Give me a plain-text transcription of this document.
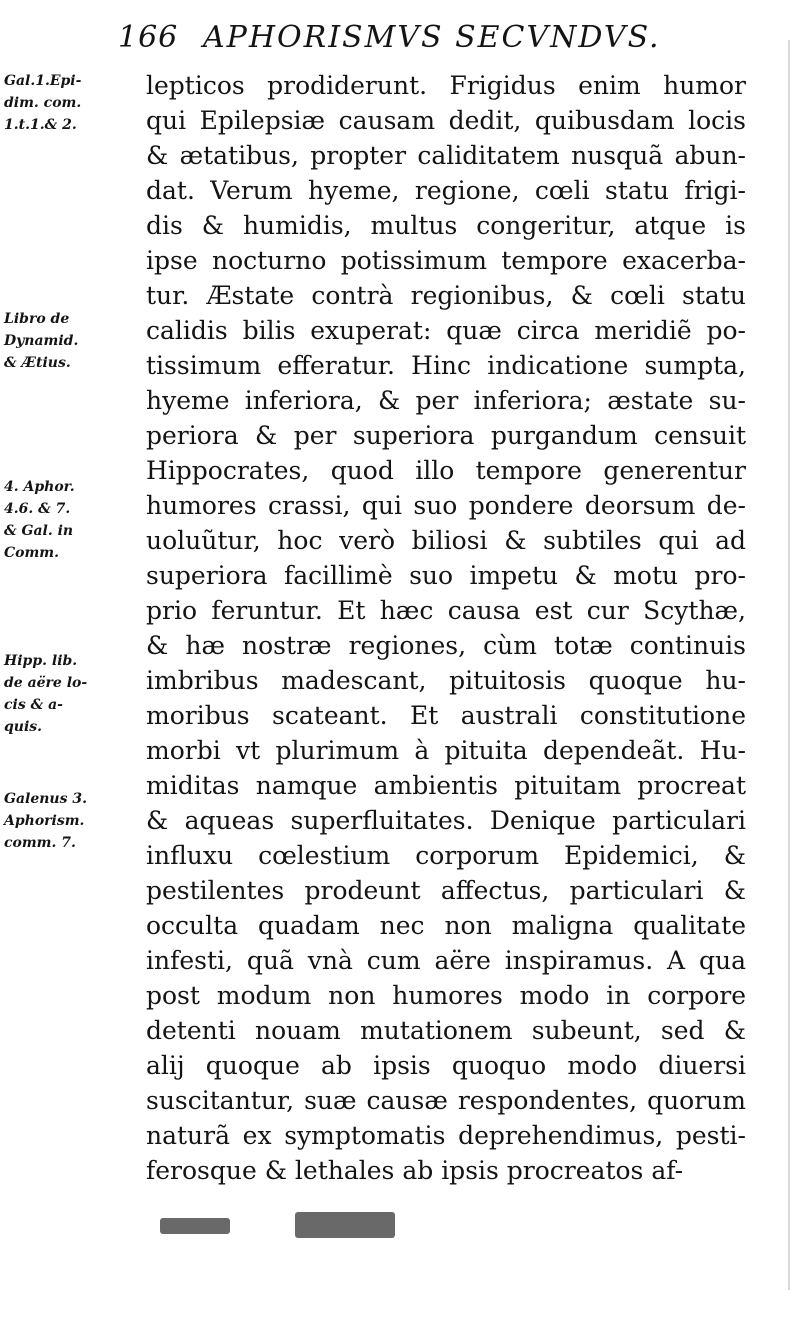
166 APHORISMVS SECVNDVS.
Gal.1.Epi-
dim. com.
1.t.1.& 2.
Libro de
Dynamid.
& Ætius.
4. Aphor.
4.6. & 7.
& Gal. in
Comm.
Hipp. lib.
de aëre lo-
cis & a-
quis.
Galenus 3.
Aphorism.
comm. 7.
lepticos prodiderunt. Frigidus enim humor
qui Epilepsiæ causam dedit, quibusdam locis
& ætatibus, propter caliditatem nusquã abun-
dat. Verum hyeme, regione, cœli statu frigi-
dis & humidis, multus congeritur, atque is
ipse nocturno potissimum tempore exacerba-
tur. Æstate contrà regionibus, & cœli statu
calidis bilis exuperat: quæ circa meridiẽ po-
tissimum efferatur. Hinc indicatione sumpta,
hyeme inferiora, & per inferiora; æstate su-
periora & per superiora purgandum censuit
Hippocrates, quod illo tempore generentur
humores crassi, qui suo pondere deorsum de-
uoluũtur, hoc verò biliosi & subtiles qui ad
superiora facillimè suo impetu & motu pro-
prio feruntur. Et hæc causa est cur Scythæ,
& hæ nostræ regiones, cùm totæ continuis
imbribus madescant, pituitosis quoque hu-
moribus scateant. Et australi constitutione
morbi vt plurimum à pituita dependeãt. Hu-
miditas namque ambientis pituitam procreat
& aqueas superfluitates. Denique particulari
influxu cœlestium corporum Epidemici, &
pestilentes prodeunt affectus, particulari &
occulta quadam nec non maligna qualitate
infesti, quã vnà cum aëre inspiramus. A qua
post modum non humores modo in corpore
detenti nouam mutationem subeunt, sed &
alij quoque ab ipsis quoquo modo diuersi
suscitantur, suæ causæ respondentes, quorum
naturã ex symptomatis deprehendimus, pesti-
ferosque & lethales ab ipsis procreatos af-
